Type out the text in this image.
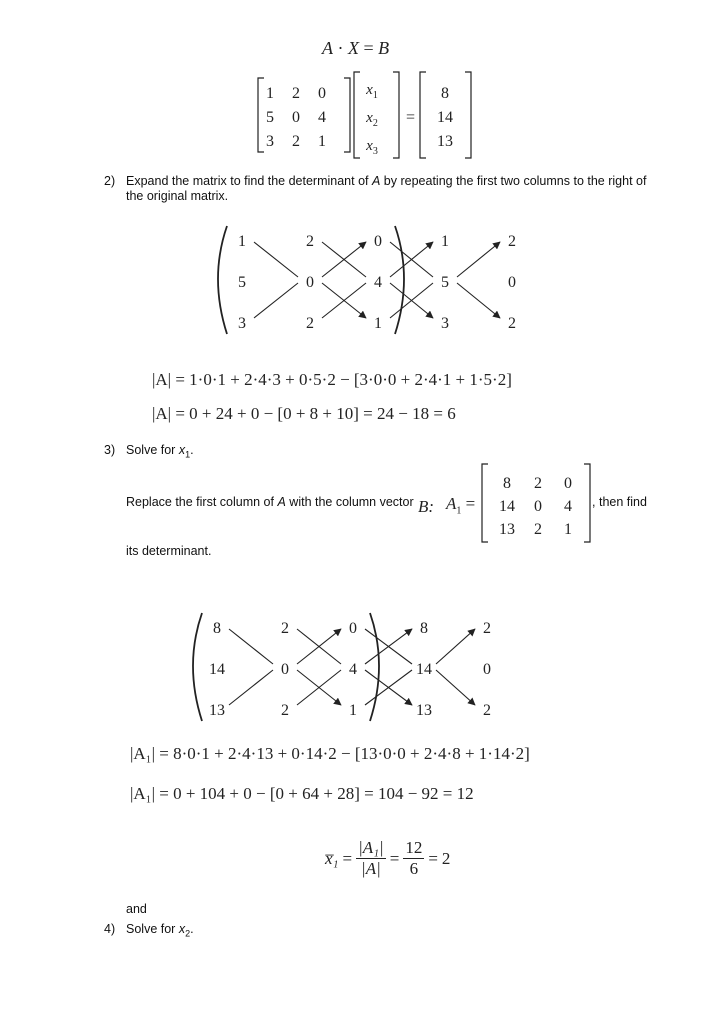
A · X = B
1 2 0
5 0 4
3 2 1
$x_1$
$x_2$
$x_3$
8
14
13
=
2) Expand the matrix to find the determinant of A by repeating the first two columns to the right of
the original matrix.
1	2	0	1	2
5	0	4	5	0
3	2	1	3	2
|A| = 1·0·1 + 2·4·3 + 0·5·2 − [3·0·0 + 2·4·1 + 1·5·2]
|A| = 0 + 24 + 0 − [0 + 8 + 10] = 24 − 18 = 6
3) Solve for $x_1$.
Replace the first column of A with the column vector B: $A_1$ =
8 2 0
14 0 4
13 2 1
, then find
its determinant.
8	2	0	8	2
14	0	4	14	0
13	2	1	13	2
|A₁| = 8·0·1 + 2·4·13 + 0·14·2 − [13·0·0 + 2·4·8 + 1·14·2]
|A₁| = 0 + 104 + 0 − [0 + 64 + 28] = 104 − 92 = 12
x̅₁ = $\frac{\text{|A₁|}}{|A|} = \frac{12}{6} = 2$
and
4) Solve for $x_2$.
